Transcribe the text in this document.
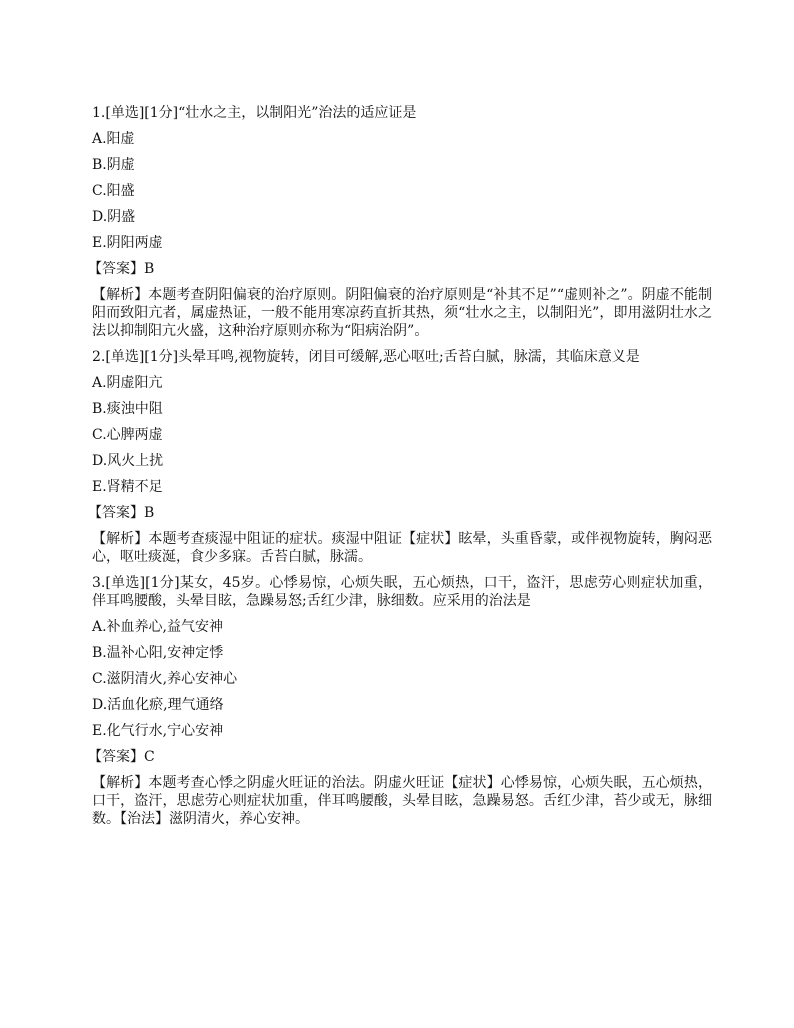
1.[单选][1分]“壮水之主，以制阳光”治法的适应证是

A.阳虚
B.阴虚
C.阳盛
D.阴盛
E.阴阳两虚
【答案】B

【解析】本题考查阴阳偏衰的治疗原则。阴阳偏衰的治疗原则是“补其不足”“虚则补之”。阴虚不能制阳而致阳亢者，属虚热证，一般不能用寒凉药直折其热，须“壮水之主，以制阳光”，即用滋阴壮水之法以抑制阳亢火盛，这种治疗原则亦称为“阳病治阴”。

2.[单选][1分]头晕耳鸣,视物旋转，闭目可缓解,恶心呕吐;舌苔白腻，脉濡，其临床意义是

A.阴虚阳亢
B.痰浊中阻
C.心脾两虚
D.风火上扰
E.肾精不足
【答案】B

【解析】本题考查痰湿中阻证的症状。痰湿中阻证【症状】眩晕，头重昏蒙，或伴视物旋转，胸闷恶心，呕吐痰涎，食少多寐。舌苔白腻，脉濡。

3.[单选][1分]某女，45岁。心悸易惊，心烦失眠，五心烦热，口干，盗汗，思虑劳心则症状加重，伴耳鸣腰酸，头晕目眩，急躁易怒;舌红少津，脉细数。应采用的治法是

A.补血养心,益气安神
B.温补心阳,安神定悸
C.滋阴清火,养心安神心
D.活血化瘀,理气通络
E.化气行水,宁心安神
【答案】C

【解析】本题考查心悸之阴虚火旺证的治法。阴虚火旺证【症状】心悸易惊，心烦失眠，五心烦热，口干，盗汗，思虑劳心则症状加重，伴耳鸣腰酸，头晕目眩，急躁易怒。舌红少津，苔少或无，脉细数。【治法】滋阴清火，养心安神。
